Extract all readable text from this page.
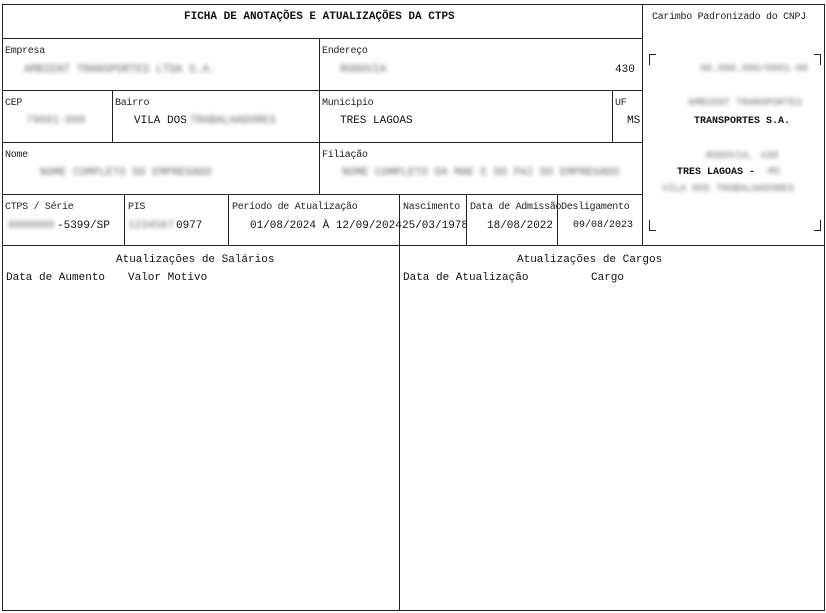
FICHA DE ANOTAÇÕES E ATUALIZAÇÕES DA CTPS	Carimbo Padronizado do CNPJ
Empresa
AMBIENT TRANSPORTES LTDA S.A.
Endereço
RODOVIA	430
CEP
79601-000
Bairro
VILA DOS TRABALHADORES
Municipio
TRES LAGOAS
UF
MS
Nome
NOME COMPLETO DO EMPREGADO
Filiação
NOME COMPLETO DA MAE E DO PAI DO EMPREGADO
CTPS / Série
0000000 -5399/SP
PIS
1234567 0977
Período de Atualização
01/08/2024 À 12/09/2024
Nascimento
25/03/1978
Data de Admissão
18/08/2022
Desligamento
09/08/2023
00.000.000/0001-00
AMBIENT TRANSPORTES
TRANSPORTES S.A.
RODOVIA, 430
TRES LAGOAS - MS
VILA DOS TRABALHADORES
Atualizações de Salários
Data de Aumento Valor Motivo
Atualizações de Cargos
Data de Atualização	Cargo
